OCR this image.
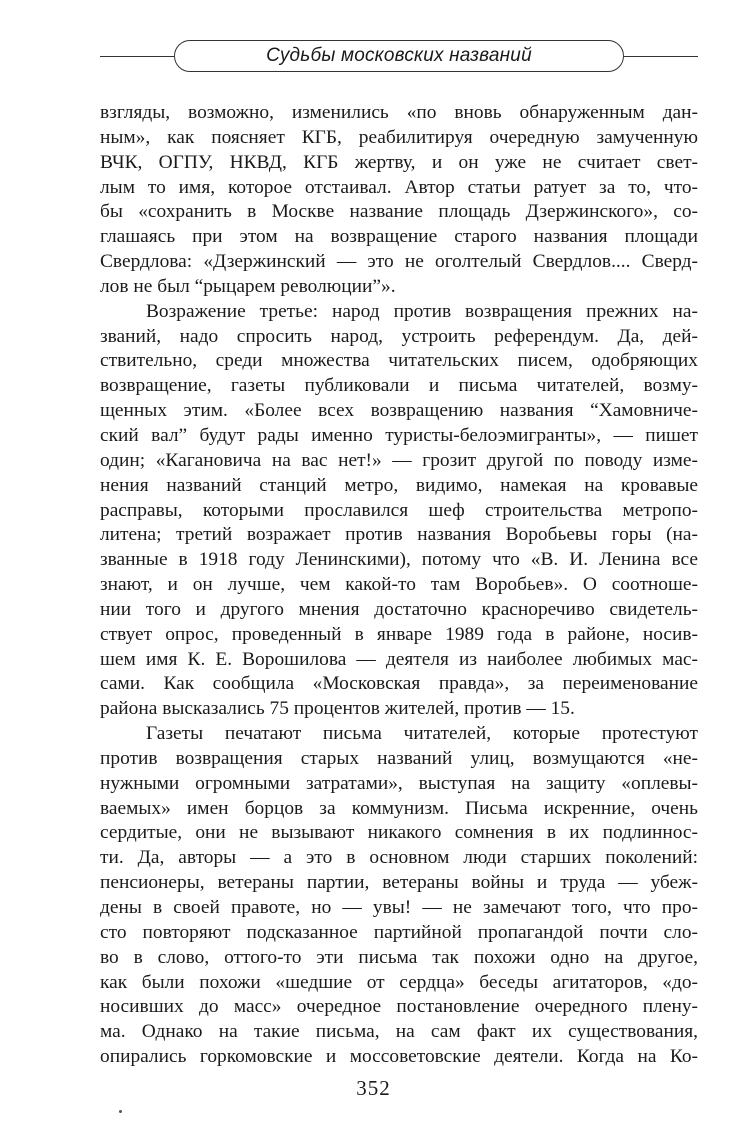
Судьбы московских названий
взгляды, возможно, изменились «по вновь обнаруженным дан-
ным», как поясняет КГБ, реабилитируя очередную замученную
ВЧК, ОГПУ, НКВД, КГБ жертву, и он уже не считает свет-
лым то имя, которое отстаивал. Автор статьи ратует за то, что-
бы «сохранить в Москве название площадь Дзержинского», со-
глашаясь при этом на возвращение старого названия площади
Свердлова: «Дзержинский — это не оголтелый Свердлов.... Сверд-
лов не был “рыцарем революции”».
Возражение третье: народ против возвращения прежних на-
званий, надо спросить народ, устроить референдум. Да, дей-
ствительно, среди множества читательских писем, одобряющих
возвращение, газеты публиковали и письма читателей, возму-
щенных этим. «Более всех возвращению названия “Хамовниче-
ский вал” будут рады именно туристы-белоэмигранты», — пишет
один; «Кагановича на вас нет!» — грозит другой по поводу изме-
нения названий станций метро, видимо, намекая на кровавые
расправы, которыми прославился шеф строительства метропо-
литена; третий возражает против названия Воробьевы горы (на-
званные в 1918 году Ленинскими), потому что «В. И. Ленина все
знают, и он лучше, чем какой-то там Воробьев». О соотноше-
нии того и другого мнения достаточно красноречиво свидетель-
ствует опрос, проведенный в январе 1989 года в районе, носив-
шем имя К. Е. Ворошилова — деятеля из наиболее любимых мас-
сами. Как сообщила «Московская правда», за переименование
района высказались 75 процентов жителей, против — 15.
Газеты печатают письма читателей, которые протестуют
против возвращения старых названий улиц, возмущаются «не-
нужными огромными затратами», выступая на защиту «оплевы-
ваемых» имен борцов за коммунизм. Письма искренние, очень
сердитые, они не вызывают никакого сомнения в их подлиннос-
ти. Да, авторы — а это в основном люди старших поколений:
пенсионеры, ветераны партии, ветераны войны и труда — убеж-
дены в своей правоте, но — увы! — не замечают того, что про-
сто повторяют подсказанное партийной пропагандой почти сло-
во в слово, оттого-то эти письма так похожи одно на другое,
как были похожи «шедшие от сердца» беседы агитаторов, «до-
носивших до масс» очередное постановление очередного плену-
ма. Однако на такие письма, на сам факт их существования,
опирались горкомовские и моссоветовские деятели. Когда на Ко-
352
